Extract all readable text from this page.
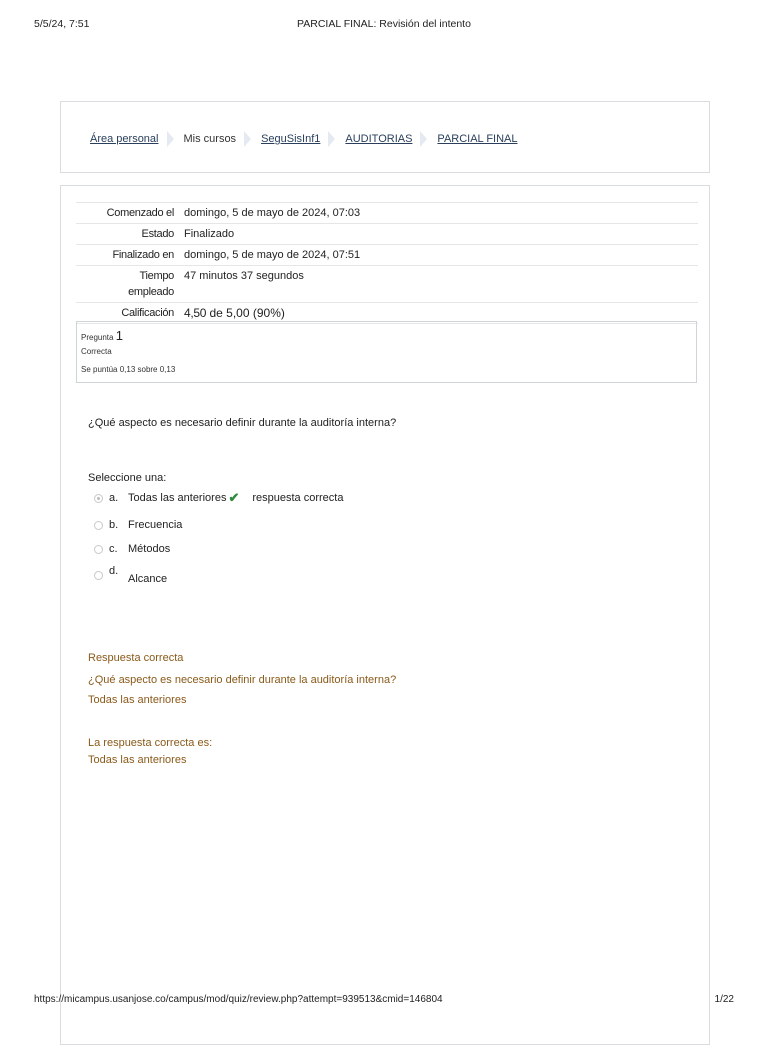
5/5/24, 7:51	PARCIAL FINAL: Revisión del intento
Área personal Mis cursos SeguSisInf1 AUDITORIAS PARCIAL FINAL
Comenzado el	domingo, 5 de mayo de 2024, 07:03
Estado	Finalizado
Finalizado en	domingo, 5 de mayo de 2024, 07:51
Tiempo
empleado	47 minutos 37 segundos
Calificación	4,50 de 5,00 (90%)
Pregunta 1
Correcta
Se puntúa 0,13 sobre 0,13
¿Qué aspecto es necesario definir durante la auditoría interna?
Seleccione una:
a. Todas las anteriores ✔ respuesta correcta
b. Frecuencia
c. Métodos
d.
Alcance
Respuesta correcta
¿Qué aspecto es necesario definir durante la auditoría interna?
Todas las anteriores
La respuesta correcta es:
Todas las anteriores
https://micampus.usanjose.co/campus/mod/quiz/review.php?attempt=939513&cmid=146804	1/22
